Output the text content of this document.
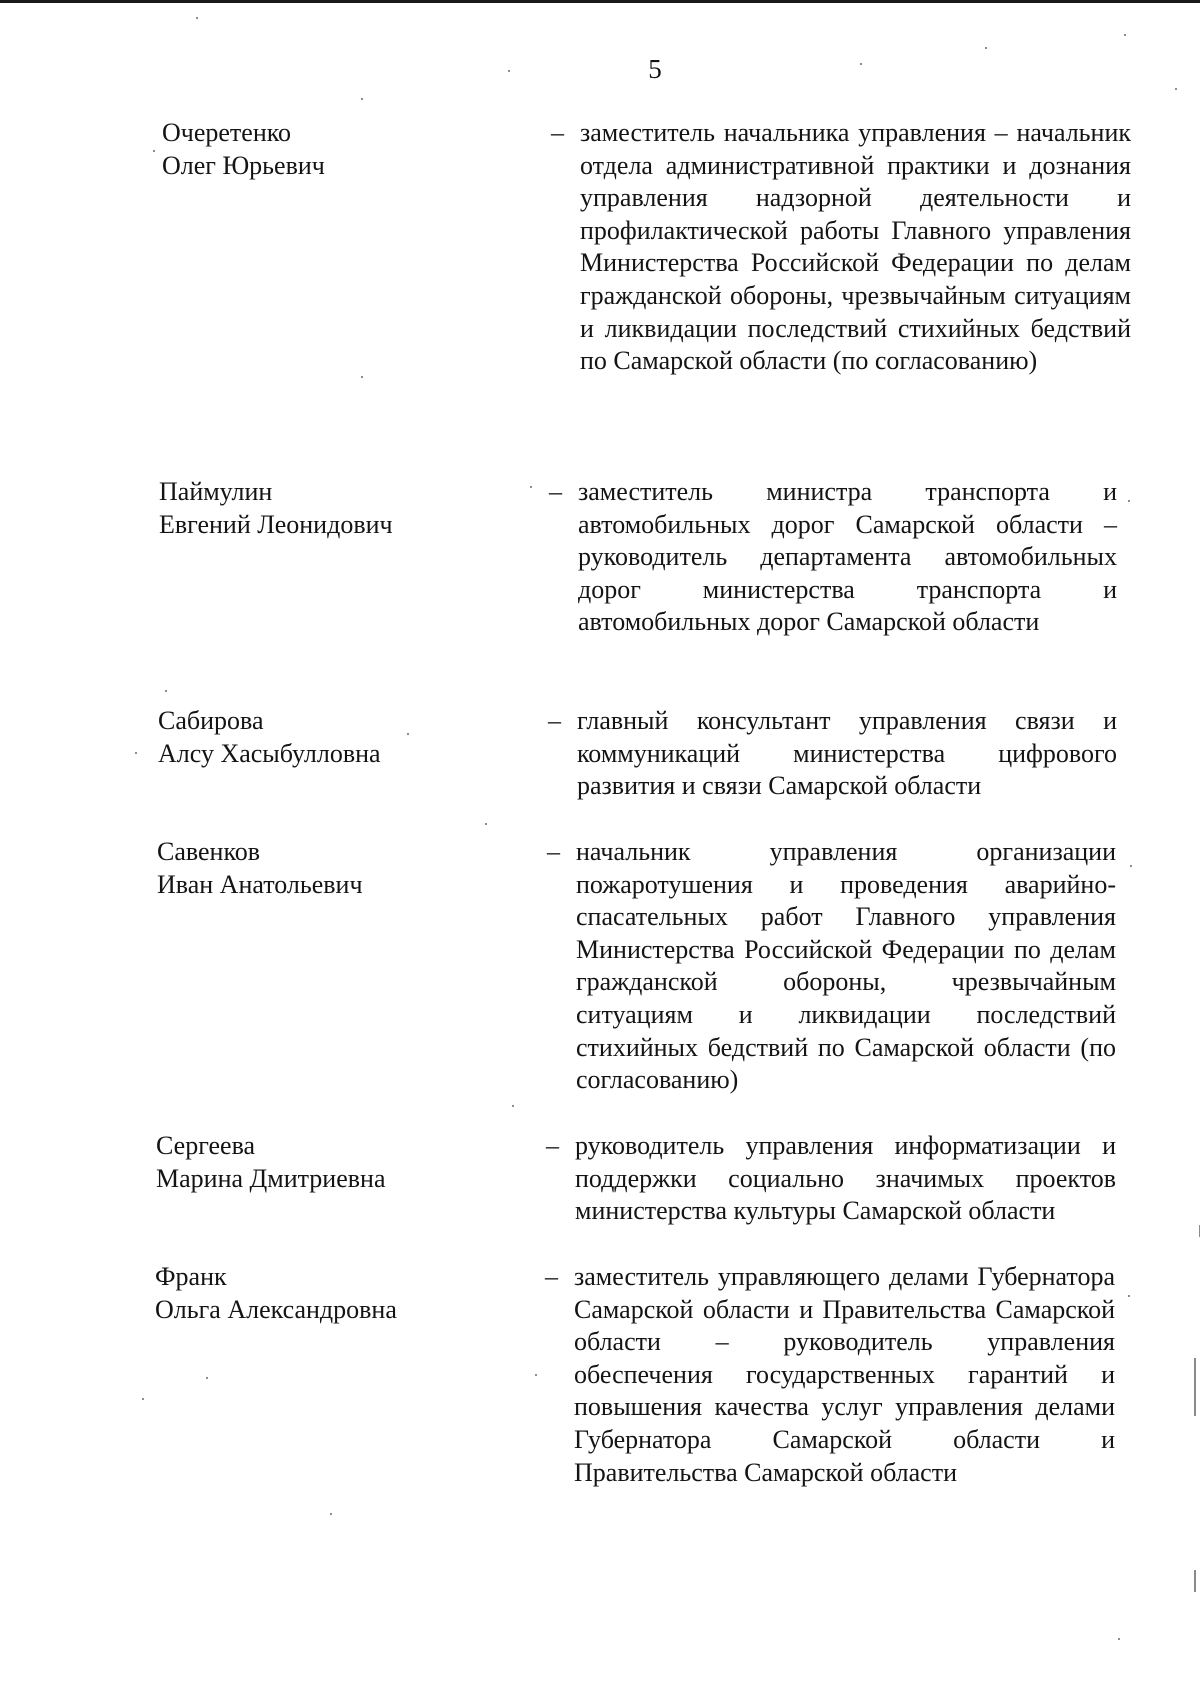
5
Очеретенко
Олег Юрьевич
– заместитель начальника управления – начальник отдела административной практики и дознания управления надзорной деятельности и профилактической работы Главного управления Министерства Российской Федерации по делам гражданской обороны, чрезвычайным ситуациям и ликвидации последствий стихийных бедствий по Самарской области (по согласованию)
Паймулин
Евгений Леонидович
– заместитель министра транспорта и автомобильных дорог Самарской области – руководитель департамента автомобильных дорог министерства транспорта и автомобильных дорог Самарской области
Сабирова
Алсу Хасыбулловна
– главный консультант управления связи и коммуникаций министерства цифрового развития и связи Самарской области
Савенков
Иван Анатольевич
– начальник управления организации пожаротушения и проведения аварийно-спасательных работ Главного управления Министерства Российской Федерации по делам гражданской обороны, чрезвычайным ситуациям и ликвидации последствий стихийных бедствий по Самарской области (по согласованию)
Сергеева
Марина Дмитриевна
– руководитель управления информатизации и поддержки социально значимых проектов министерства культуры Самарской области
Франк
Ольга Александровна
– заместитель управляющего делами Губернатора Самарской области и Правительства Самарской области – руководитель управления обеспечения государственных гарантий и повышения качества услуг управления делами Губернатора Самарской области и Правительства Самарской области
